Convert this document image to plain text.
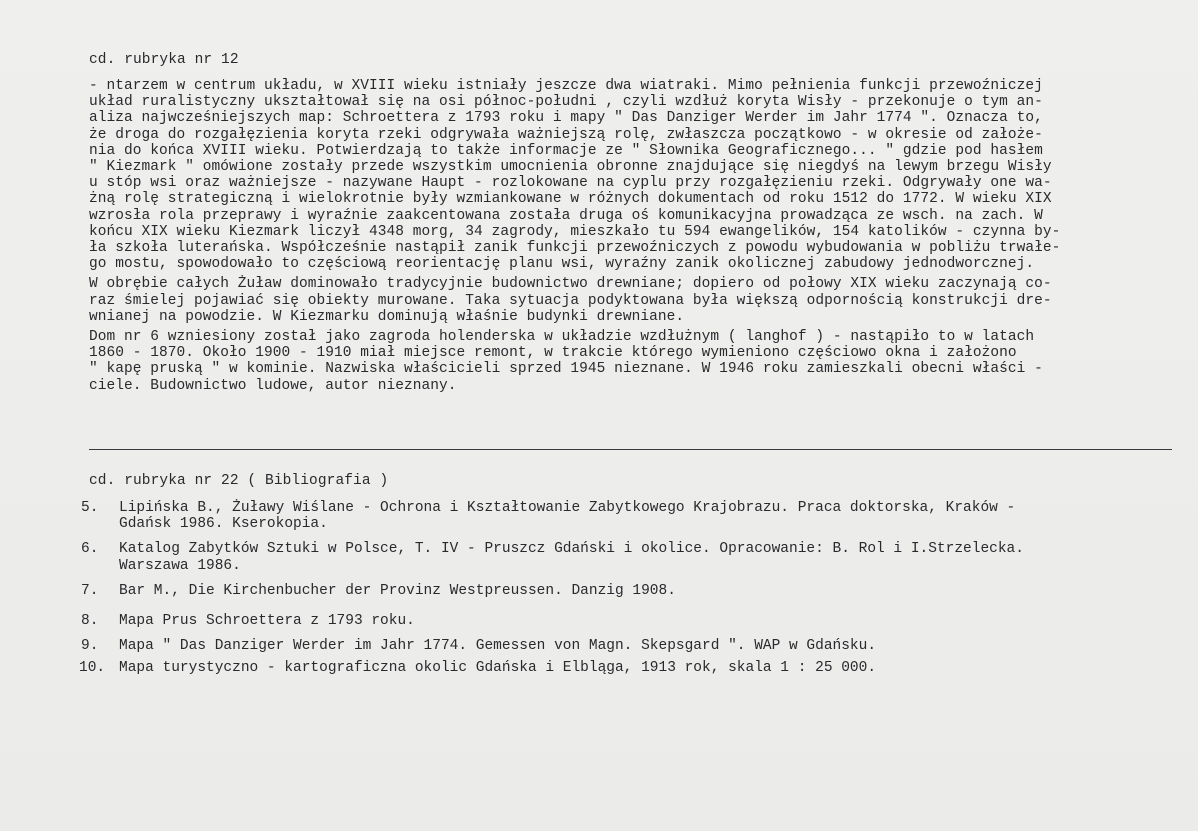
cd. rubryka nr 12
- ntarzem w centrum układu, w XVIII wieku istniały jeszcze dwa wiatraki. Mimo pełnienia funkcji przewoźniczej
układ ruralistyczny ukształtował się na osi północ-południ , czyli wzdłuż koryta Wisły - przekonuje o tym an-
aliza najwcześniejszych map: Schroettera z 1793 roku i mapy " Das Danziger Werder im Jahr 1774 ". Oznacza to,
że droga do rozgałęzienia koryta rzeki odgrywała ważniejszą rolę, zwłaszcza początkowo - w okresie od założe-
nia do końca XVIII wieku. Potwierdzają to także informacje ze " Słownika Geograficznego... " gdzie pod hasłem
" Kiezmark " omówione zostały przede wszystkim umocnienia obronne znajdujące się niegdyś na lewym brzegu Wisły
u stóp wsi oraz ważniejsze - nazywane Haupt - rozlokowane na cyplu przy rozgałęzieniu rzeki. Odgrywały one wa-
żną rolę strategiczną i wielokrotnie były wzmiankowane w różnych dokumentach od roku 1512 do 1772. W wieku XIX
wzrosła rola przeprawy i wyraźnie zaakcentowana została druga oś komunikacyjna prowadząca ze wsch. na zach. W
końcu XIX wieku Kiezmark liczył 4348 morg, 34 zagrody, mieszkało tu 594 ewangelików, 154 katolików - czynna by-
ła szkoła luterańska. Współcześnie nastąpił zanik funkcji przewoźniczych z powodu wybudowania w pobliżu trwałe-
go mostu, spowodowało to częściową reorientację planu wsi, wyraźny zanik okolicznej zabudowy jednodworcznej.
W obrębie całych Żuław dominowało tradycyjnie budownictwo drewniane; dopiero od połowy XIX wieku zaczynają co-
raz śmielej pojawiać się obiekty murowane. Taka sytuacja podyktowana była większą odpornością konstrukcji dre-
wnianej na powodzie. W Kiezmarku dominują właśnie budynki drewniane.
Dom nr 6 wzniesiony został jako zagroda holenderska w układzie wzdłużnym ( langhof ) - nastąpiło to w latach
1860 - 1870. Około 1900 - 1910 miał miejsce remont, w trakcie którego wymieniono częściowo okna i założono
" kapę pruską " w kominie. Nazwiska właścicieli sprzed 1945 nieznane. W 1946 roku zamieszkali obecni właści -
ciele. Budownictwo ludowe, autor nieznany.
cd. rubryka nr 22 ( Bibliografia )
5.	Lipińska B., Żuławy Wiślane - Ochrona i Kształtowanie Zabytkowego Krajobrazu. Praca doktorska, Kraków -
Gdańsk 1986. Kserokopia.
6.	Katalog Zabytków Sztuki w Polsce, T. IV - Pruszcz Gdański i okolice. Opracowanie: B. Rol i I.Strzelecka.
Warszawa 1986.
7.	Bar M., Die Kirchenbucher der Provinz Westpreussen. Danzig 1908.
8.	Mapa Prus Schroettera z 1793 roku.
9.	Mapa " Das Danziger Werder im Jahr 1774. Gemessen von Magn. Skepsgard ". WAP w Gdańsku.
10. Mapa turystyczno - kartograficzna okolic Gdańska i Elbląga, 1913 rok, skala 1 : 25 000.
